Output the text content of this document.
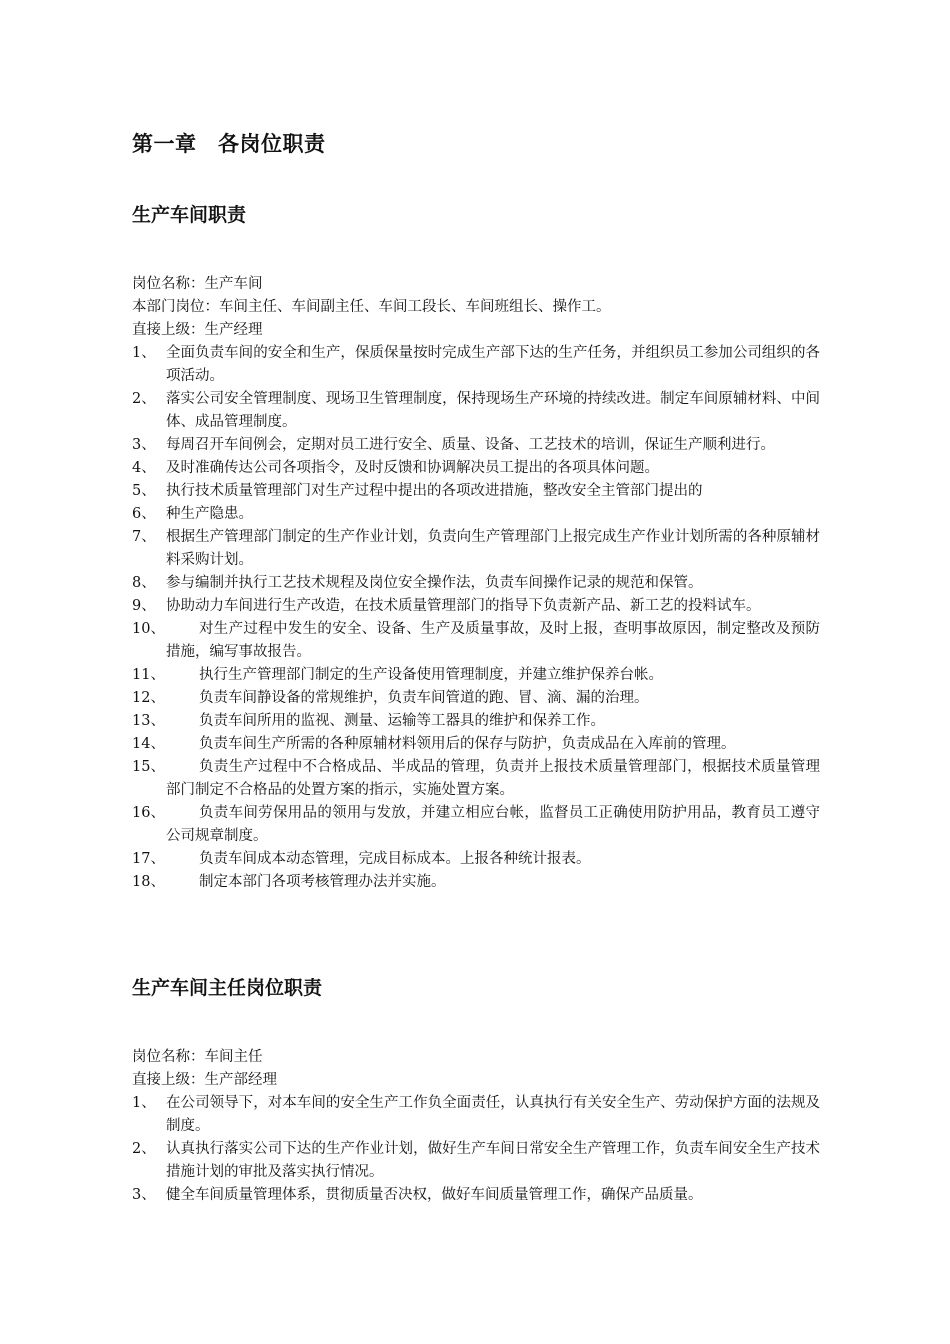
第一章　各岗位职责
生产车间职责

岗位名称：生产车间

本部门岗位：车间主任、车间副主任、车间工段长、车间班组长、操作工。

直接上级：生产经理

1、 全面负责车间的安全和生产，保质保量按时完成生产部下达的生产任务，并组织员工参加公司组织的各项活动。
2、 落实公司安全管理制度、现场卫生管理制度，保持现场生产环境的持续改进。制定车间原辅材料、中间体、成品管理制度。
3、 每周召开车间例会，定期对员工进行安全、质量、设备、工艺技术的培训，保证生产顺利进行。
4、 及时准确传达公司各项指令，及时反馈和协调解决员工提出的各项具体问题。
5、 执行技术质量管理部门对生产过程中提出的各项改进措施，整改安全主管部门提出的
6、 种生产隐患。
7、 根据生产管理部门制定的生产作业计划，负责向生产管理部门上报完成生产作业计划所需的各种原辅材料采购计划。
8、 参与编制并执行工艺技术规程及岗位安全操作法，负责车间操作记录的规范和保管。
9、 协助动力车间进行生产改造，在技术质量管理部门的指导下负责新产品、新工艺的投料试车。
10、	对生产过程中发生的安全、设备、生产及质量事故，及时上报，查明事故原因，制定整改及预防措施，编写事故报告。
11、	执行生产管理部门制定的生产设备使用管理制度，并建立维护保养台帐。
12、	负责车间静设备的常规维护，负责车间管道的跑、冒、滴、漏的治理。
13、	负责车间所用的监视、测量、运输等工器具的维护和保养工作。
14、	负责车间生产所需的各种原辅材料领用后的保存与防护，负责成品在入库前的管理。
15、	负责生产过程中不合格成品、半成品的管理，负责并上报技术质量管理部门，根据技术质量管理部门制定不合格品的处置方案的指示，实施处置方案。
16、	负责车间劳保用品的领用与发放，并建立相应台帐，监督员工正确使用防护用品，教育员工遵守公司规章制度。
17、	负责车间成本动态管理，完成目标成本。上报各种统计报表。
18、	制定本部门各项考核管理办法并实施。
生产车间主任岗位职责

岗位名称：车间主任

直接上级：生产部经理

1、 在公司领导下，对本车间的安全生产工作负全面责任，认真执行有关安全生产、劳动保护方面的法规及制度。
2、 认真执行落实公司下达的生产作业计划，做好生产车间日常安全生产管理工作，负责车间安全生产技术措施计划的审批及落实执行情况。
3、 健全车间质量管理体系，贯彻质量否决权，做好车间质量管理工作，确保产品质量。
